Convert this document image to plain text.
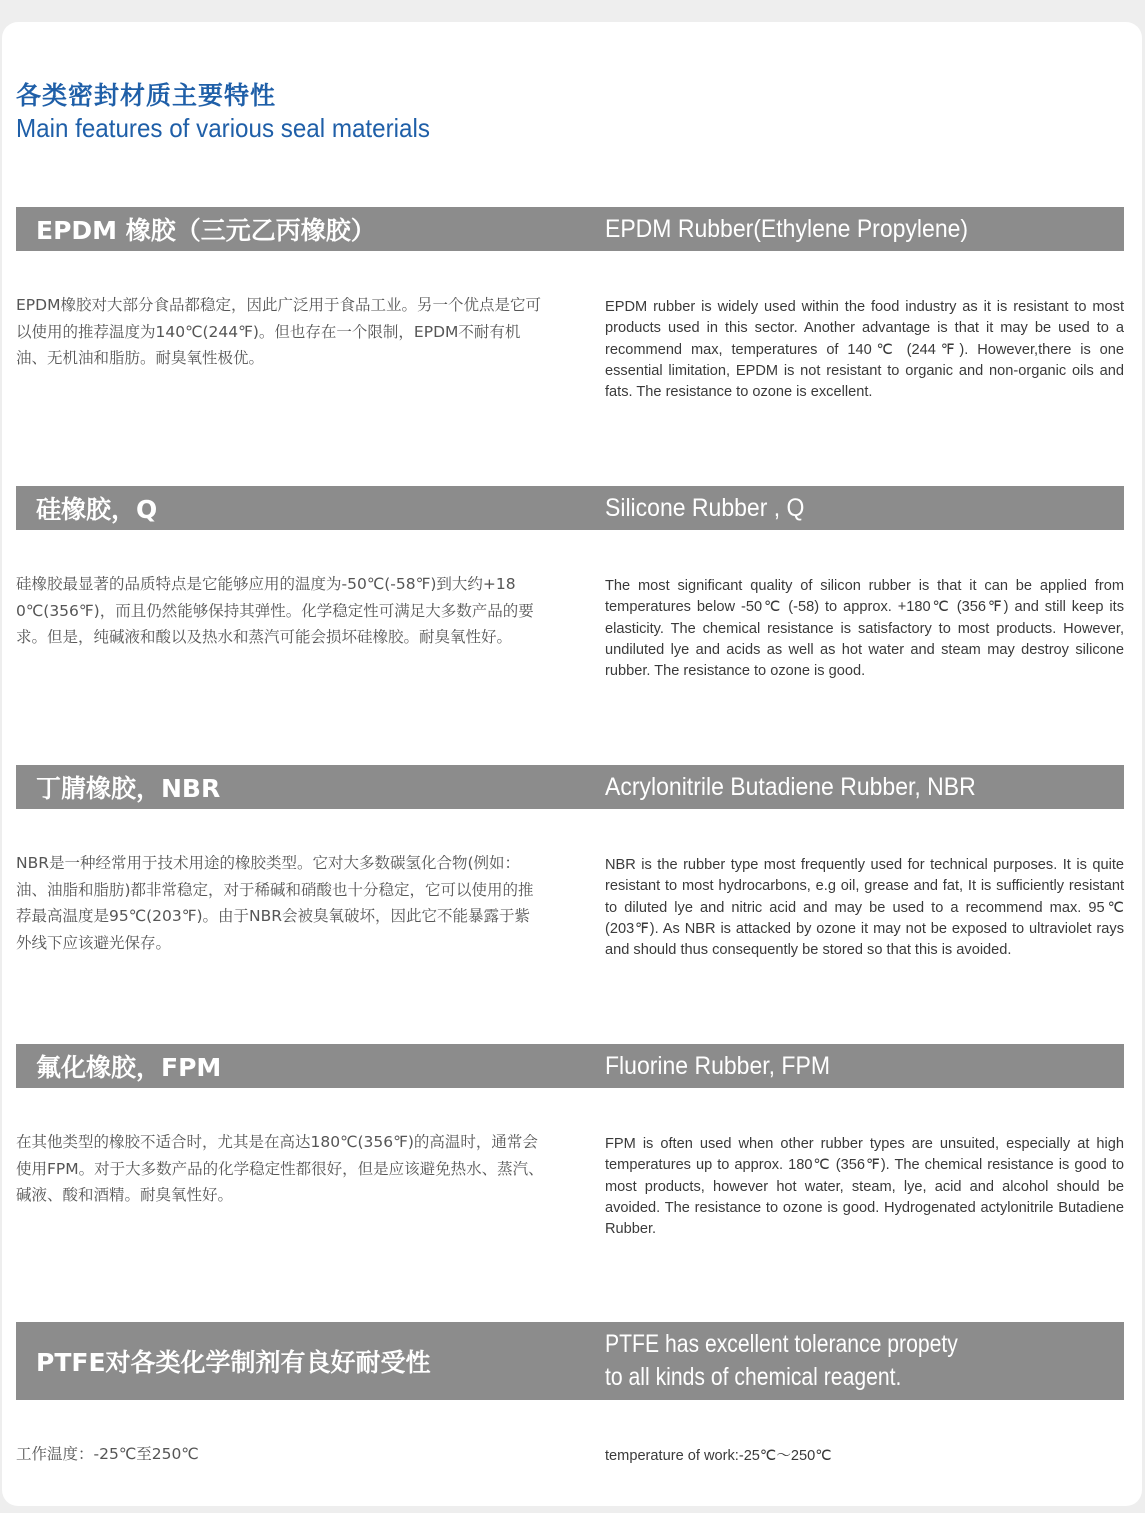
各类密封材质主要特性
Main features of various seal materials
EPDM 橡胶（三元乙丙橡胶）	EPDM Rubber(Ethylene Propylene)
EPDM橡胶对大部分食品都稳定，因此广泛用于食品工业。另一个优点是它可以使用的推荐温度为140℃(244℉)。但也存在一个限制，EPDM不耐有机油、无机油和脂肪。耐臭氧性极优。
EPDM rubber is widely used within the food industry as it is resistant to most products used in this sector. Another advantage is that it may be used to a recommend max, temperatures of 140℃ (244℉). However,there is one essential limitation, EPDM is not resistant to organic and non-organic oils and fats. The resistance to ozone is excellent.
硅橡胶，Q	Silicone Rubber , Q
硅橡胶最显著的品质特点是它能够应用的温度为-50℃(-58℉)到大约+180℃(356℉)，而且仍然能够保持其弹性。化学稳定性可满足大多数产品的要求。但是，纯碱液和酸以及热水和蒸汽可能会损坏硅橡胶。耐臭氧性好。
The most significant quality of silicon rubber is that it can be applied from temperatures below -50℃ (-58) to approx. +180℃ (356℉) and still keep its elasticity. The chemical resistance is satisfactory to most products. However, undiluted lye and acids as well as hot water and steam may destroy silicone rubber. The resistance to ozone is good.
丁腈橡胶，NBR	Acrylonitrile Butadiene Rubber, NBR
NBR是一种经常用于技术用途的橡胶类型。它对大多数碳氢化合物(例如：油、油脂和脂肪)都非常稳定，对于稀碱和硝酸也十分稳定，它可以使用的推荐最高温度是95℃(203℉)。由于NBR会被臭氧破坏，因此它不能暴露于紫外线下应该避光保存。
NBR is the rubber type most frequently used for technical purposes. It is quite resistant to most hydrocarbons, e.g oil, grease and fat, It is sufficiently resistant to diluted lye and nitric acid and may be used to a recommend max. 95℃ (203℉). As NBR is attacked by ozone it may not be exposed to ultraviolet rays and should thus consequently be stored so that this is avoided.
氟化橡胶，FPM	Fluorine Rubber, FPM
在其他类型的橡胶不适合时，尤其是在高达180℃(356℉)的高温时，通常会使用FPM。对于大多数产品的化学稳定性都很好，但是应该避免热水、蒸汽、碱液、酸和酒精。耐臭氧性好。
FPM is often used when other rubber types are unsuited, especially at high temperatures up to approx. 180℃ (356℉). The chemical resistance is good to most products, however hot water, steam, lye, acid and alcohol should be avoided. The resistance to ozone is good. Hydrogenated actylonitrile Butadiene Rubber.
PTFE对各类化学制剂有良好耐受性
PTFE has excellent tolerance propety
to all kinds of chemical reagent.
工作温度：-25℃至250℃	temperature of work:-25℃～250℃
